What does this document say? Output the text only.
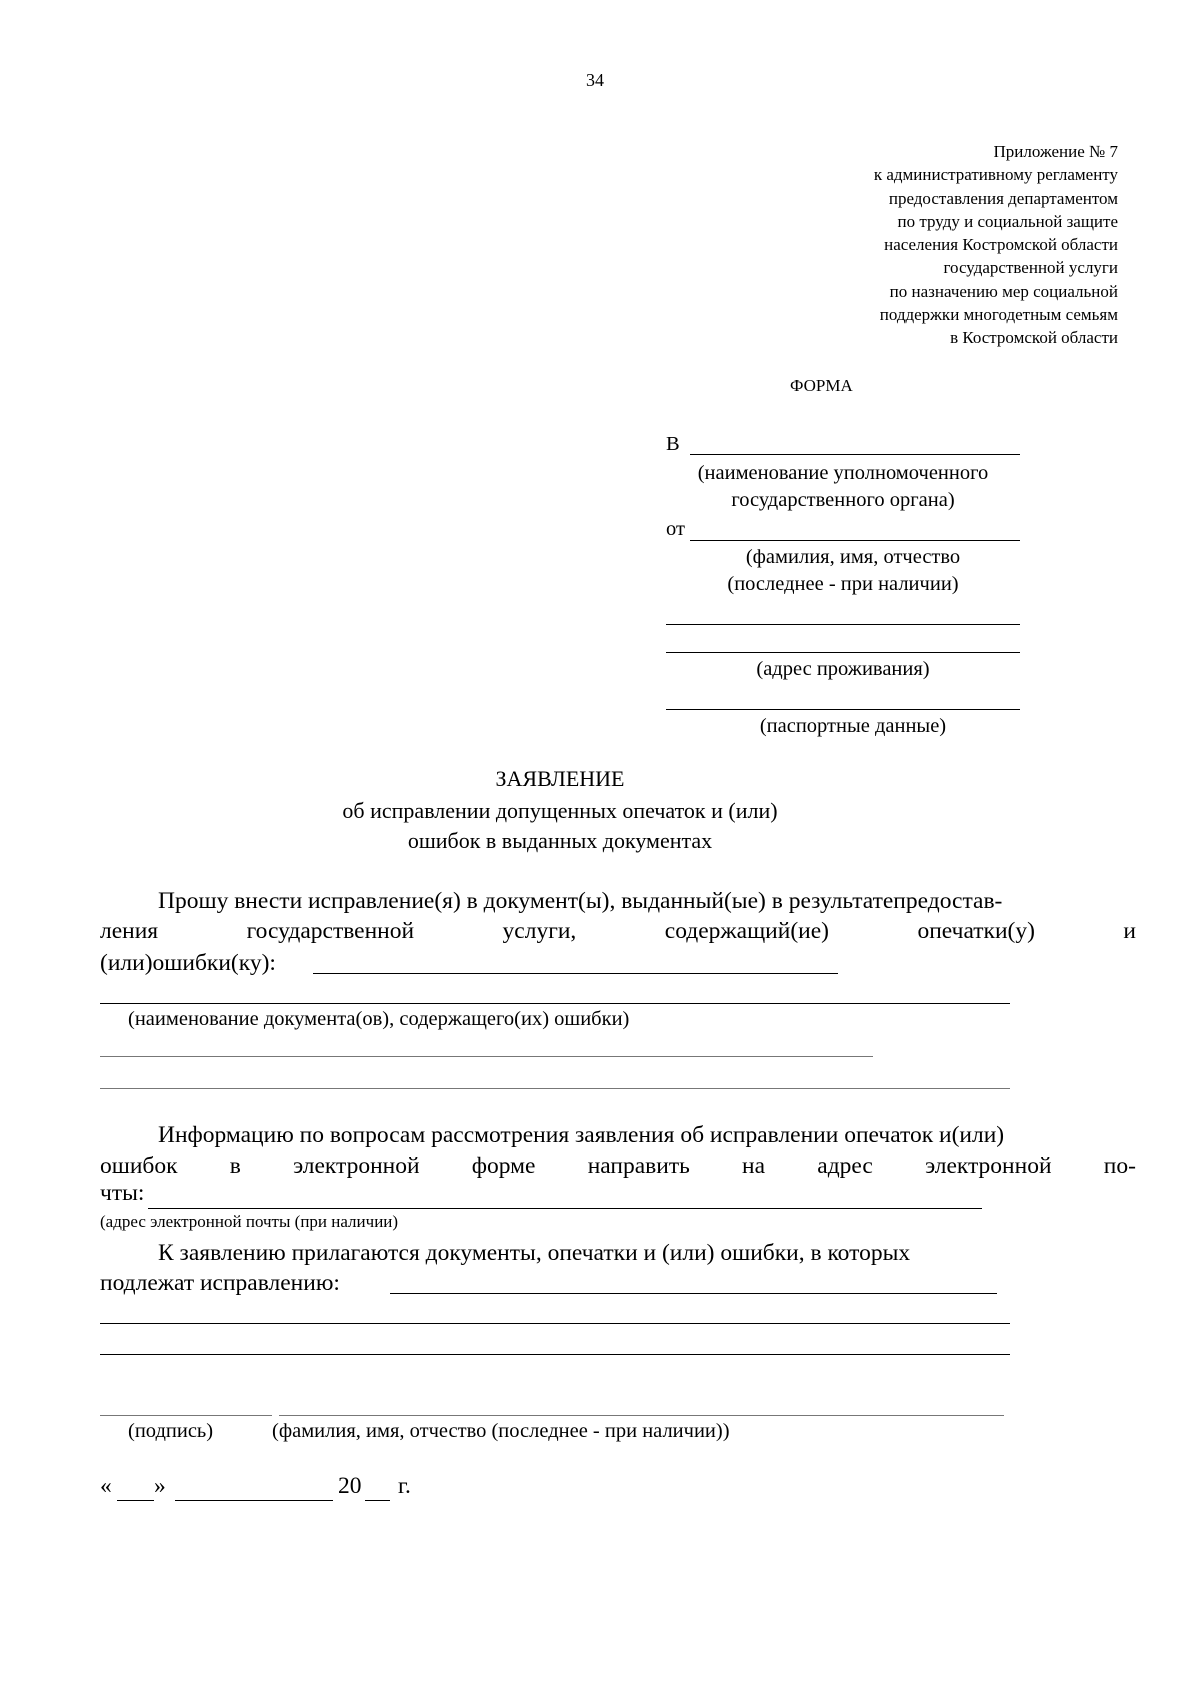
34
Приложение № 7
к административному регламенту
предоставления департаментом
по труду и социальной защите
населения Костромской области
государственной услуги
по назначению мер социальной
поддержки многодетным семьям
в Костромской области
ФОРМА
В
(наименование уполномоченного
государственного органа)
от
(фамилия, имя, отчество
(последнее - при наличии)
(адрес проживания)
(паспортные данные)
ЗАЯВЛЕНИЕ
об исправлении допущенных опечаток и (или)
ошибок в выданных документах
Прошу внести исправление(я) в документ(ы), выданный(ые) в результатепредостав-
ления	государственной	услуги,	содержащий(ие)	опечатки(у)	и
(или)ошибки(ку):
(наименование документа(ов), содержащего(их) ошибки)
Информацию по вопросам рассмотрения заявления об исправлении опечаток и(или)
ошибок в электронной форме направить на адрес электронной по-
чты:
(адрес электронной почты (при наличии)
К заявлению прилагаются документы, опечатки и (или) ошибки, в которых
подлежат исправлению:
(подпись)	(фамилия, имя, отчество (последнее - при наличии))
« »	20 г.
